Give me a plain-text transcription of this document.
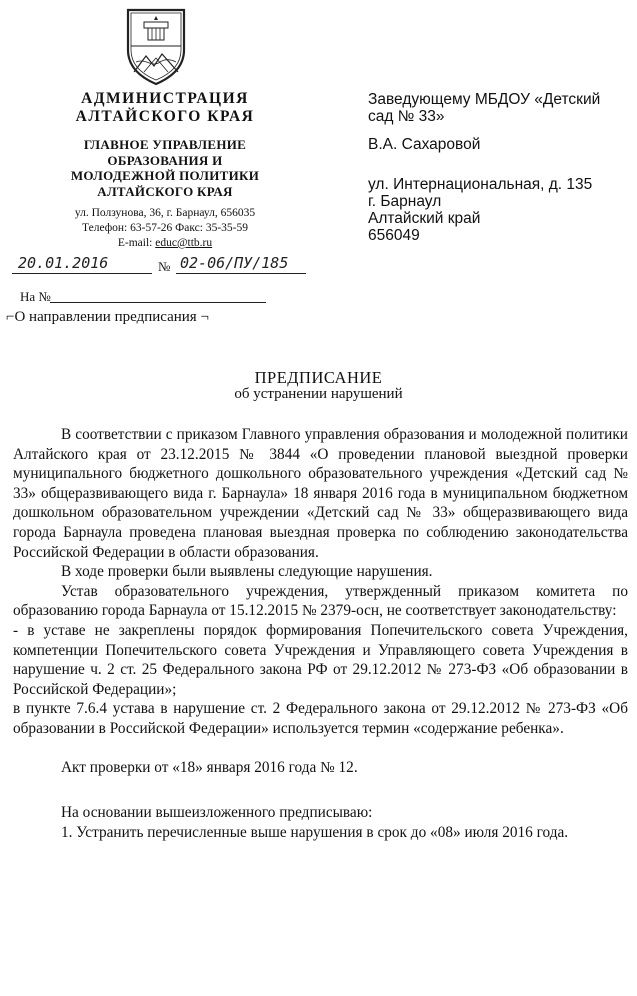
АДМИНИСТРАЦИЯ
АЛТАЙСКОГО КРАЯ
ГЛАВНОЕ УПРАВЛЕНИЕ
ОБРАЗОВАНИЯ И
МОЛОДЕЖНОЙ ПОЛИТИКИ
АЛТАЙСКОГО КРАЯ
ул. Ползунова, 36, г. Барнаул, 656035
Телефон: 63-57-26 Факс: 35-35-59
E-mail: educ@ttb.ru
20.01.2016	№ 02-06/ПУ/185
На №
⌐О направлении предписания ¬
Заведующему МБДОУ «Детский
сад № 33»
В.А. Сахаровой
ул. Интернациональная, д. 135
г. Барнаул
Алтайский край
656049
ПРЕДПИСАНИЕ
об устранении нарушений

В соответствии с приказом Главного управления образования и молодежной политики Алтайского края от 23.12.2015 № 3844 «О проведении плановой выездной проверки муниципального бюджетного дошкольного образовательного учреждения «Детский сад № 33» общеразвивающего вида г. Барнаула» 18 января 2016 года в муниципальном бюджетном дошкольном образовательном учреждении «Детский сад № 33» общеразвивающего вида города Барнаула проведена плановая выездная проверка по соблюдению законодательства Российской Федерации в области образования.

В ходе проверки были выявлены следующие нарушения.

Устав образовательного учреждения, утвержденный приказом комитета по образованию города Барнаула от 15.12.2015 № 2379-осн, не соответствует законодательству:

- в уставе не закреплены порядок формирования Попечительского совета Учреждения, компетенции Попечительского совета Учреждения и Управляющего совета Учреждения в нарушение ч. 2 ст. 25 Федерального закона РФ от 29.12.2012 № 273-ФЗ «Об образовании в Российской Федерации»;

в пункте 7.6.4 устава в нарушение ст. 2 Федерального закона от 29.12.2012 № 273-ФЗ «Об образовании в Российской Федерации» используется термин «содержание ребенка».

Акт проверки от «18» января 2016 года № 12.

На основании вышеизложенного предписываю:

1. Устранить перечисленные выше нарушения в срок до «08» июля 2016 года.
